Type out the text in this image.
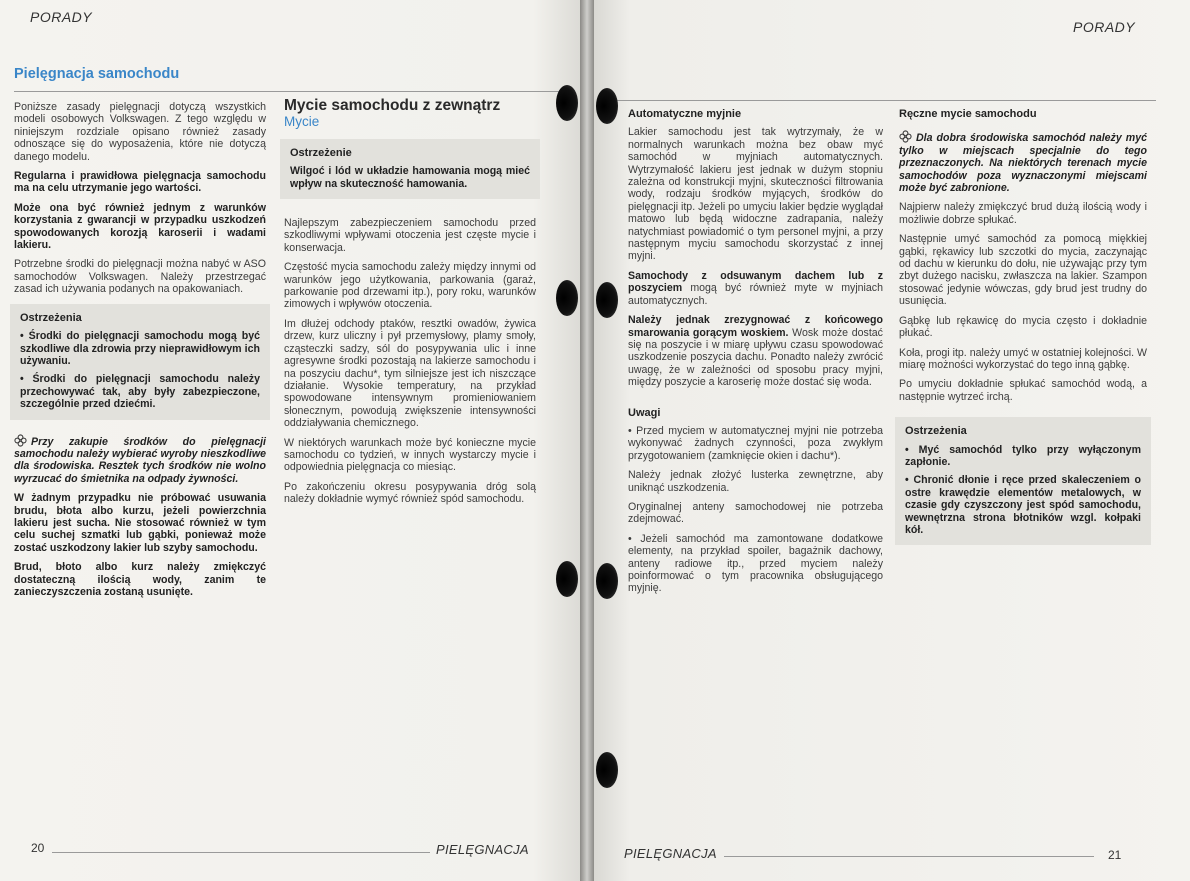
PORADY
Pielęgnacja samochodu

Poniższe zasady pielęgnacji dotyczą wszystkich modeli osobowych Volkswagen. Z tego względu w niniejszym rozdziale opisano również zasady odnoszące się do wyposażenia, które nie dotyczą danego modelu.

Regularna i prawidłowa pielęgnacja samochodu ma na celu utrzymanie jego wartości.

Może ona być również jednym z warunków korzystania z gwarancji w przypadku uszkodzeń spowodowanych korozją karoserii i wadami lakieru.

Potrzebne środki do pielęgnacji można nabyć w ASO samochodów Volkswagen. Należy przestrzegać zasad ich używania podanych na opakowaniach.

Ostrzeżenia

• Środki do pielęgnacji samochodu mogą być szkodliwe dla zdrowia przy nieprawidłowym ich używaniu.

• Środki do pielęgnacji samochodu należy przechowywać tak, aby były zabezpieczone, szczególnie przed dziećmi.

Przy zakupie środków do pielęgnacji samochodu należy wybierać wyroby nieszkodliwe dla środowiska. Resztek tych środków nie wolno wyrzucać do śmietnika na odpady żywności.

W żadnym przypadku nie próbować usuwania brudu, błota albo kurzu, jeżeli powierzchnia lakieru jest sucha. Nie stosować również w tym celu suchej szmatki lub gąbki, ponieważ może zostać uszkodzony lakier lub szyby samochodu.

Brud, błoto albo kurz należy zmiękczyć dostateczną ilością wody, zanim te zanieczyszczenia zostaną usunięte.

Mycie samochodu z zewnątrz
Mycie
Ostrzeżenie

Wilgoć i lód w układzie hamowania mogą mieć wpływ na skuteczność hamowania.

Najlepszym zabezpieczeniem samochodu przed szkodliwymi wpływami otoczenia jest częste mycie i konserwacja.

Częstość mycia samochodu zależy między innymi od warunków jego użytkowania, parkowania (garaż, parkowanie pod drzewami itp.), pory roku, warunków zimowych i wpływów otoczenia.

Im dłużej odchody ptaków, resztki owadów, żywica drzew, kurz uliczny i pył przemysłowy, plamy smoły, cząsteczki sadzy, sól do posypywania ulic i inne agresywne środki pozostają na lakierze samochodu i na poszyciu dachu*, tym silniejsze jest ich niszczące działanie. Wysokie temperatury, na przykład spowodowane intensywnym promieniowaniem słonecznym, powodują zwiększenie intensywności oddziaływania chemicznego.

W niektórych warunkach może być konieczne mycie samochodu co tydzień, w innych wystarczy mycie i odpowiednia pielęgnacja co miesiąc.

Po zakończeniu okresu posypywania dróg solą należy dokładnie wymyć również spód samochodu.

20	PIELĘGNACJA
PORADY
Automatyczne myjnie

Lakier samochodu jest tak wytrzymały, że w normalnych warunkach można bez obaw myć samochód w myjniach automatycznych. Wytrzymałość lakieru jest jednak w dużym stopniu zależna od konstrukcji myjni, skuteczności filtrowania wody, rodzaju środków myjących, środków do pielęgnacji itp. Jeżeli po umyciu lakier będzie wyglądał matowo lub będą widoczne zadrapania, należy natychmiast powiadomić o tym personel myjni, a przy następnym myciu samochodu skorzystać z innej myjni.

Samochody z odsuwanym dachem lub z poszyciem mogą być również myte w myjniach automatycznych.

Należy jednak zrezygnować z końcowego smarowania gorącym woskiem. Wosk może dostać się na poszycie i w miarę upływu czasu spowodować uszkodzenie poszycia dachu. Ponadto należy zwrócić uwagę, że w zależności od sposobu pracy myjni, między poszycie a karoserię może dostać się woda.

Uwagi

• Przed myciem w automatycznej myjni nie potrzeba wykonywać żadnych czynności, poza zwykłym przygotowaniem (zamknięcie okien i dachu*).

Należy jednak złożyć lusterka zewnętrzne, aby uniknąć uszkodzenia.

Oryginalnej anteny samochodowej nie potrzeba zdejmować.

• Jeżeli samochód ma zamontowane dodatkowe elementy, na przykład spoiler, bagażnik dachowy, anteny radiowe itp., przed myciem należy poinformować o tym pracownika obsługującego myjnię.

Ręczne mycie samochodu

Dla dobra środowiska samochód należy myć tylko w miejscach specjalnie do tego przeznaczonych. Na niektórych terenach mycie samochodów poza wyznaczonymi miejscami może być zabronione.

Najpierw należy zmiękczyć brud dużą ilością wody i możliwie dobrze spłukać.

Następnie umyć samochód za pomocą miękkiej gąbki, rękawicy lub szczotki do mycia, zaczynając od dachu w kierunku do dołu, nie używając przy tym zbyt dużego nacisku, zwłaszcza na lakier. Szampon stosować jedynie wówczas, gdy brud jest trudny do usunięcia.

Gąbkę lub rękawicę do mycia często i dokładnie płukać.

Koła, progi itp. należy umyć w ostatniej kolejności. W miarę możności wykorzystać do tego inną gąbkę.

Po umyciu dokładnie spłukać samochód wodą, a następnie wytrzeć irchą.

Ostrzeżenia

• Myć samochód tylko przy wyłączonym zapłonie.

• Chronić dłonie i ręce przed skaleczeniem o ostre krawędzie elementów metalowych, w czasie gdy czyszczony jest spód samochodu, wewnętrzna strona błotników wzgl. kołpaki kół.

PIELĘGNACJA	21
